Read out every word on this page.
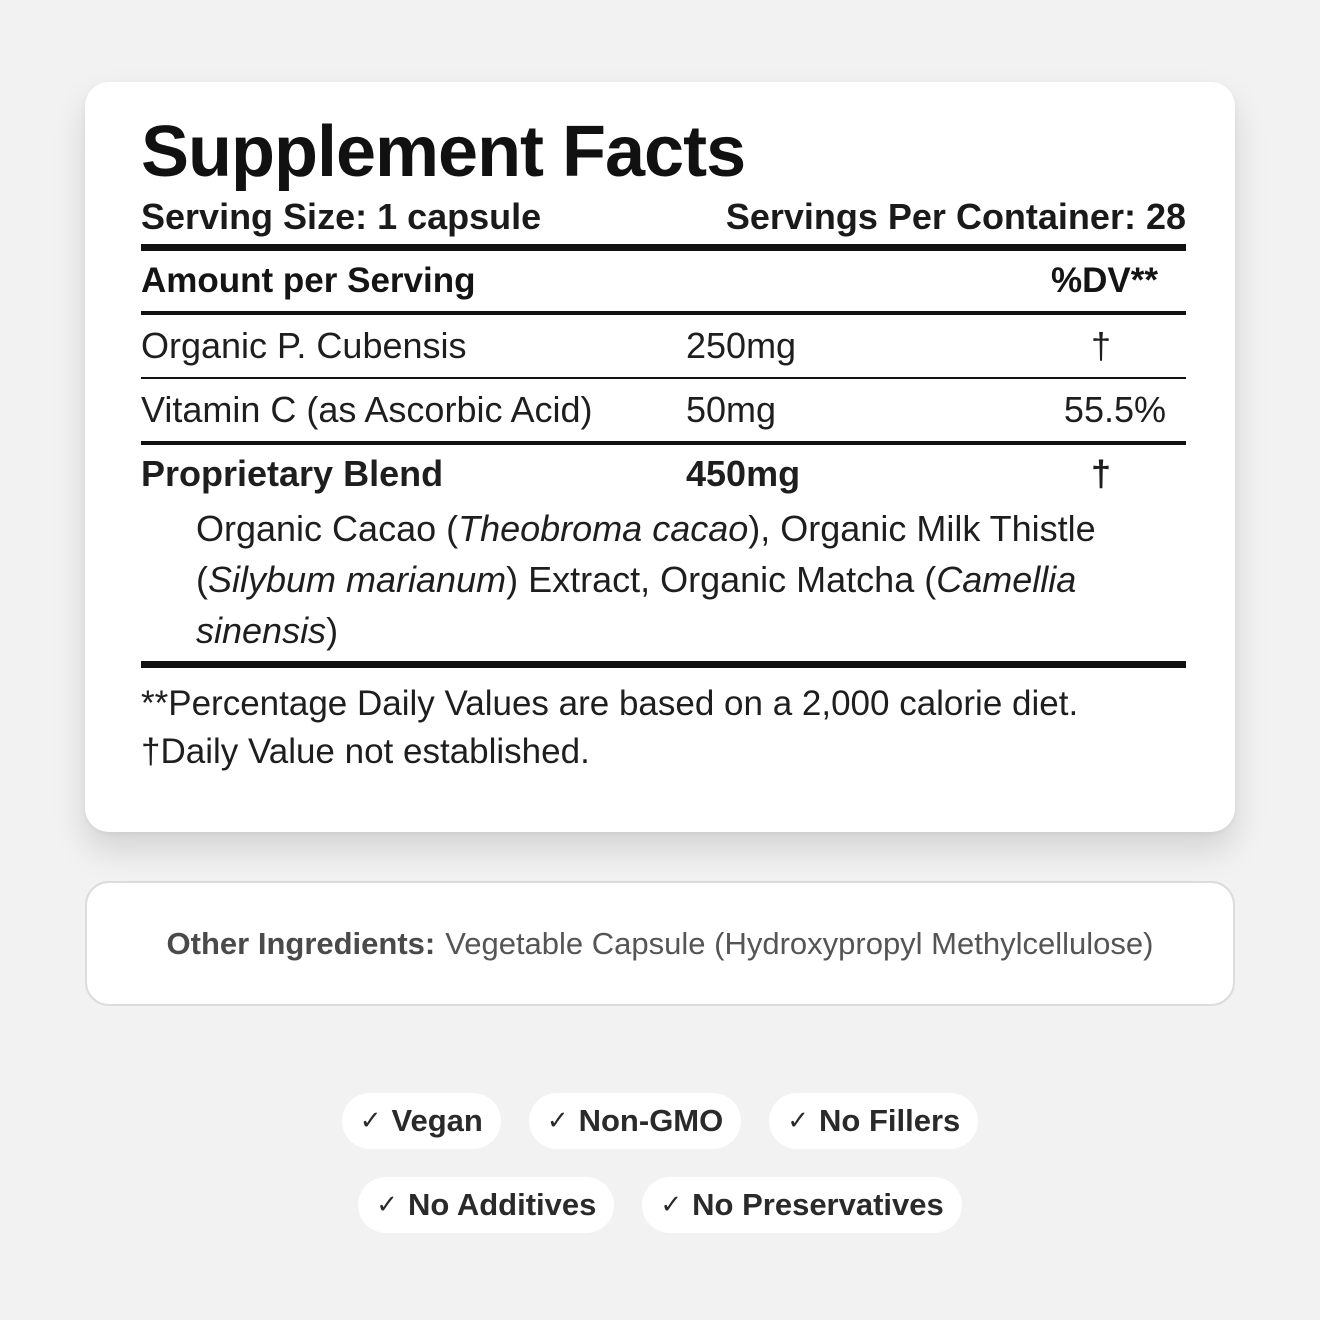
Supplement Facts
Serving Size: 1 capsule	Servings Per Container: 28
Amount per Serving	%DV**
Organic P. Cubensis	250mg	†
Vitamin C (as Ascorbic Acid)	50mg	55.5%
Proprietary Blend	450mg	†
Organic Cacao (Theobroma cacao), Organic Milk Thistle (Silybum marianum) Extract, Organic Matcha (Camellia sinensis)
**Percentage Daily Values are based on a 2,000 calorie diet.
†Daily Value not established.
Other Ingredients: Vegetable Capsule (Hydroxypropyl Methylcellulose)
✓ Vegan ✓ Non-GMO ✓ No Fillers
✓ No Additives ✓ No Preservatives
